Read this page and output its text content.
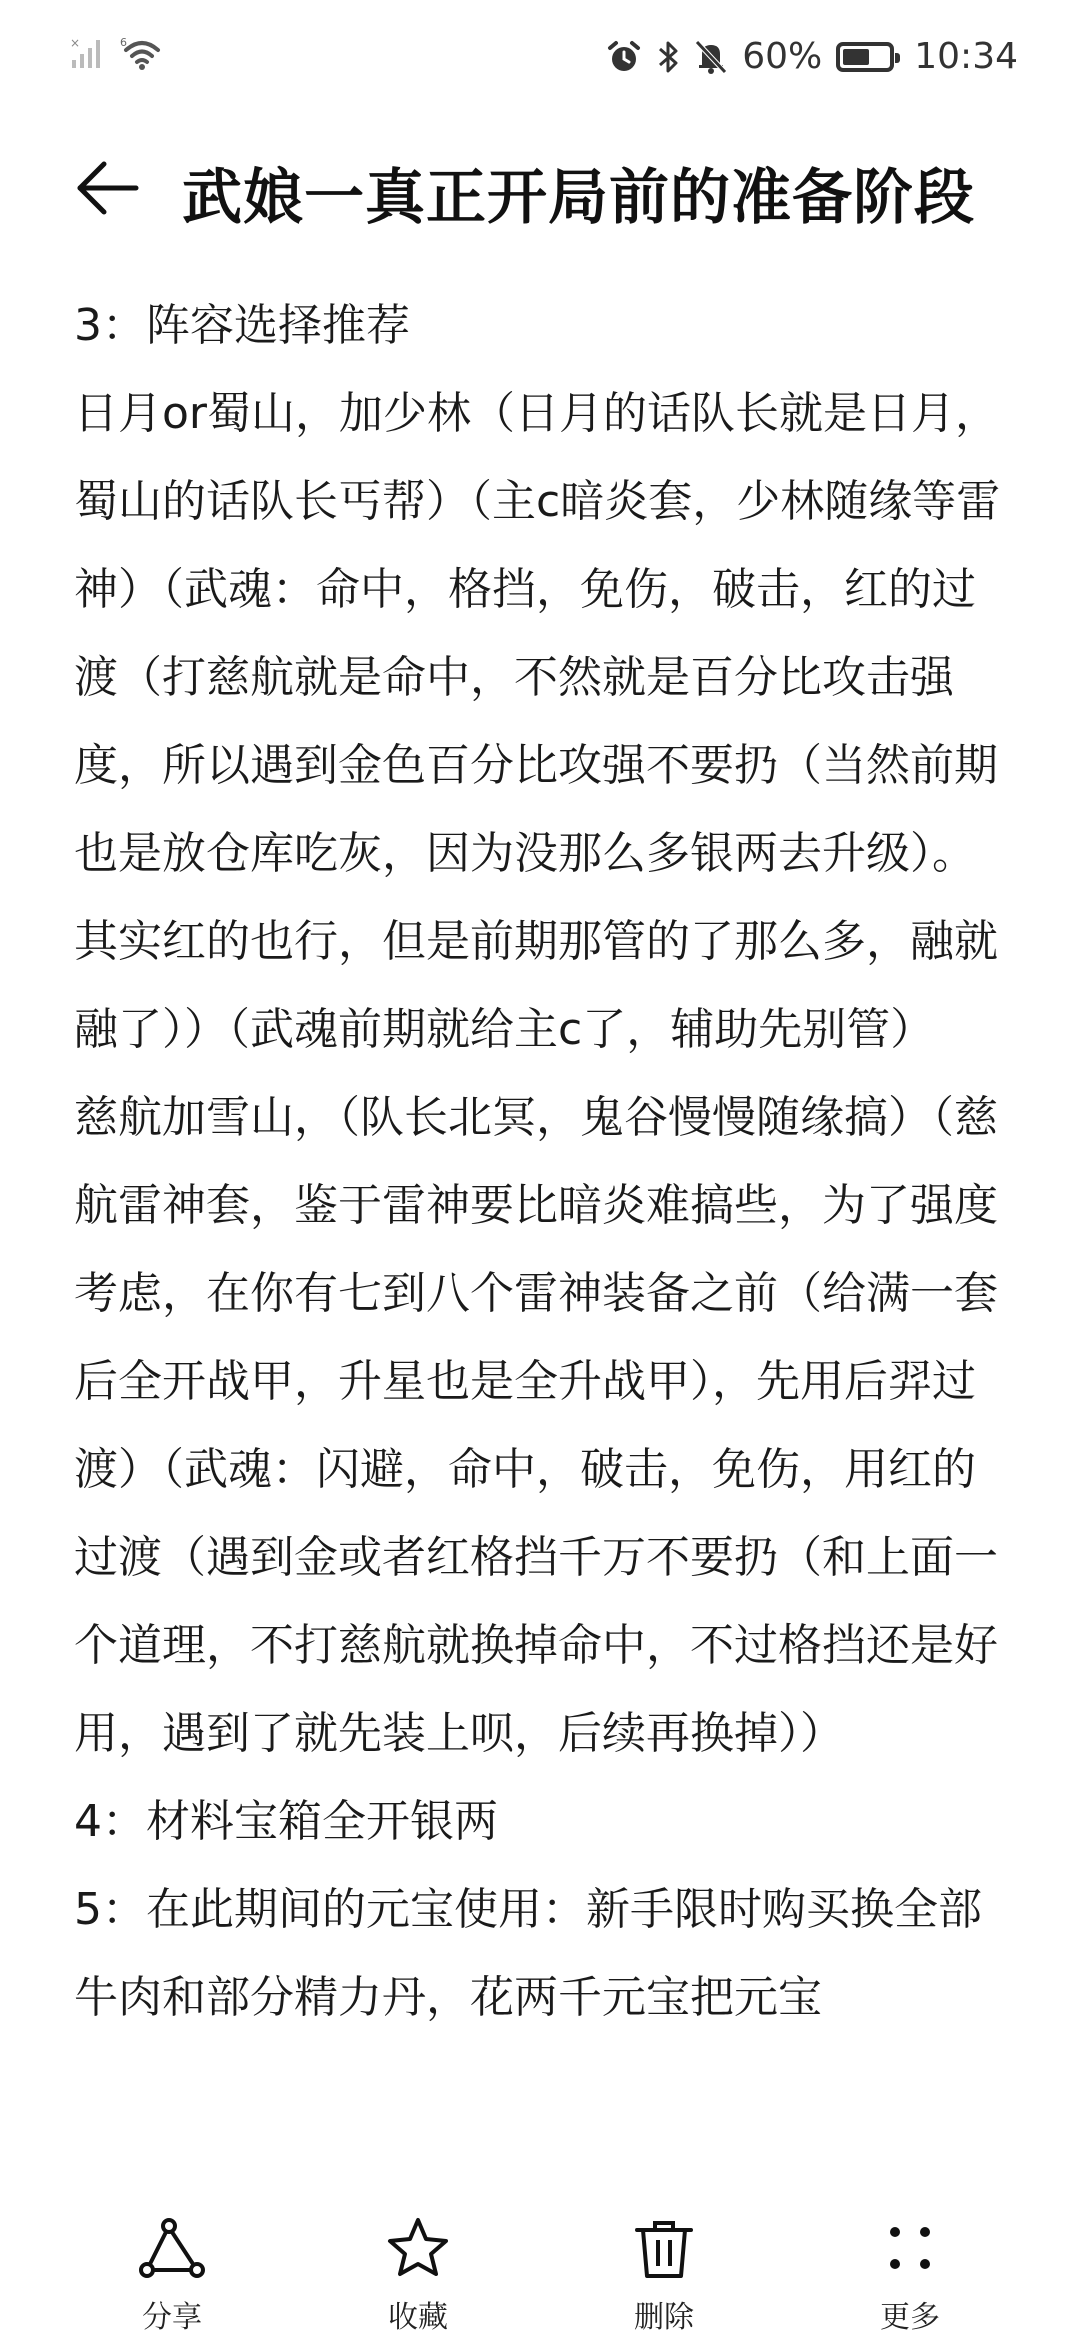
×	6	60%	10:34
武娘一真正开局前的准备阶段

3：阵容选择推荐

日月or蜀山，加少林（日月的话队长就是日月，蜀山的话队长丐帮）（主c暗炎套，少林随缘等雷神）（武魂：命中，格挡，免伤，破击，红的过渡（打慈航就是命中，不然就是百分比攻击强度，所以遇到金色百分比攻强不要扔（当然前期也是放仓库吃灰，因为没那么多银两去升级）。其实红的也行，但是前期那管的了那么多，融就融了））（武魂前期就给主c了，辅助先别管）

慈航加雪山，（队长北冥，鬼谷慢慢随缘搞）（慈航雷神套，鉴于雷神要比暗炎难搞些，为了强度考虑，在你有七到八个雷神装备之前（给满一套后全开战甲，升星也是全升战甲），先用后羿过渡）（武魂：闪避，命中，破击，免伤，用红的过渡（遇到金或者红格挡千万不要扔（和上面一个道理，不打慈航就换掉命中，不过格挡还是好用，遇到了就先装上呗，后续再换掉））

4：材料宝箱全开银两

5：在此期间的元宝使用：新手限时购买换全部牛肉和部分精力丹，花两千元宝把元宝

分享	收藏	删除	更多
